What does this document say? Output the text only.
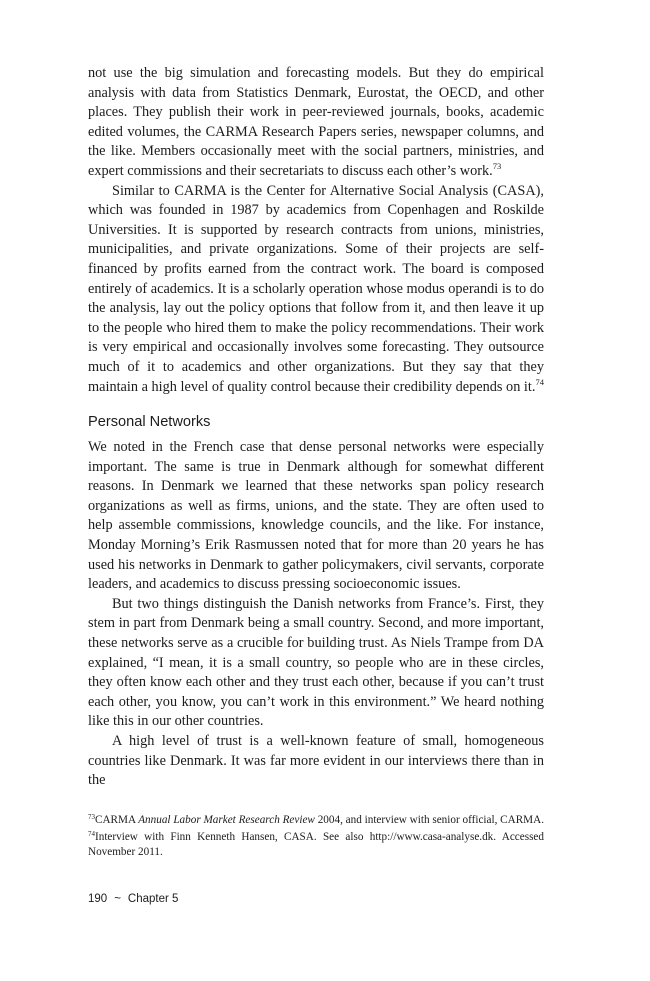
not use the big simulation and forecasting models. But they do empirical analysis with data from Statistics Denmark, Eurostat, the OECD, and other places. They publish their work in peer-reviewed journals, books, academic edited volumes, the CARMA Research Papers series, newspaper columns, and the like. Members occasionally meet with the social partners, ministries, and expert commissions and their secretariats to discuss each other’s work.$^{73}$

Similar to CARMA is the Center for Alternative Social Analysis (CASA), which was founded in 1987 by academics from Copenhagen and Roskilde Universities. It is supported by research contracts from unions, ministries, municipalities, and private organizations. Some of their projects are self-financed by profits earned from the contract work. The board is composed entirely of academics. It is a scholarly operation whose modus operandi is to do the analysis, lay out the policy options that follow from it, and then leave it up to the people who hired them to make the policy recommendations. Their work is very empirical and occasionally involves some forecasting. They outsource much of it to academics and other organizations. But they say that they maintain a high level of quality control because their credibility depends on it.$^{74}$

Personal Networks

We noted in the French case that dense personal networks were especially important. The same is true in Denmark although for somewhat different reasons. In Denmark we learned that these networks span policy research organizations as well as firms, unions, and the state. They are often used to help assemble commissions, knowledge councils, and the like. For instance, Monday Morning’s Erik Rasmussen noted that for more than 20 years he has used his networks in Denmark to gather policymakers, civil servants, corporate leaders, and academics to discuss pressing socioeconomic issues.

But two things distinguish the Danish networks from France’s. First, they stem in part from Denmark being a small country. Second, and more important, these networks serve as a crucible for building trust. As Niels Trampe from DA explained, “I mean, it is a small country, so people who are in these circles, they often know each other and they trust each other, because if you can’t trust each other, you know, you can’t work in this environment.” We heard nothing like this in our other countries.

A high level of trust is a well-known feature of small, homogeneous countries like Denmark. It was far more evident in our interviews there than in the

$^{73}$CARMA Annual Labor Market Research Review 2004, and interview with senior official, CARMA.

$^{74}$Interview with Finn Kenneth Hansen, CASA. See also http://www.casa-analyse.dk. Accessed November 2011.

190 ~ Chapter 5
